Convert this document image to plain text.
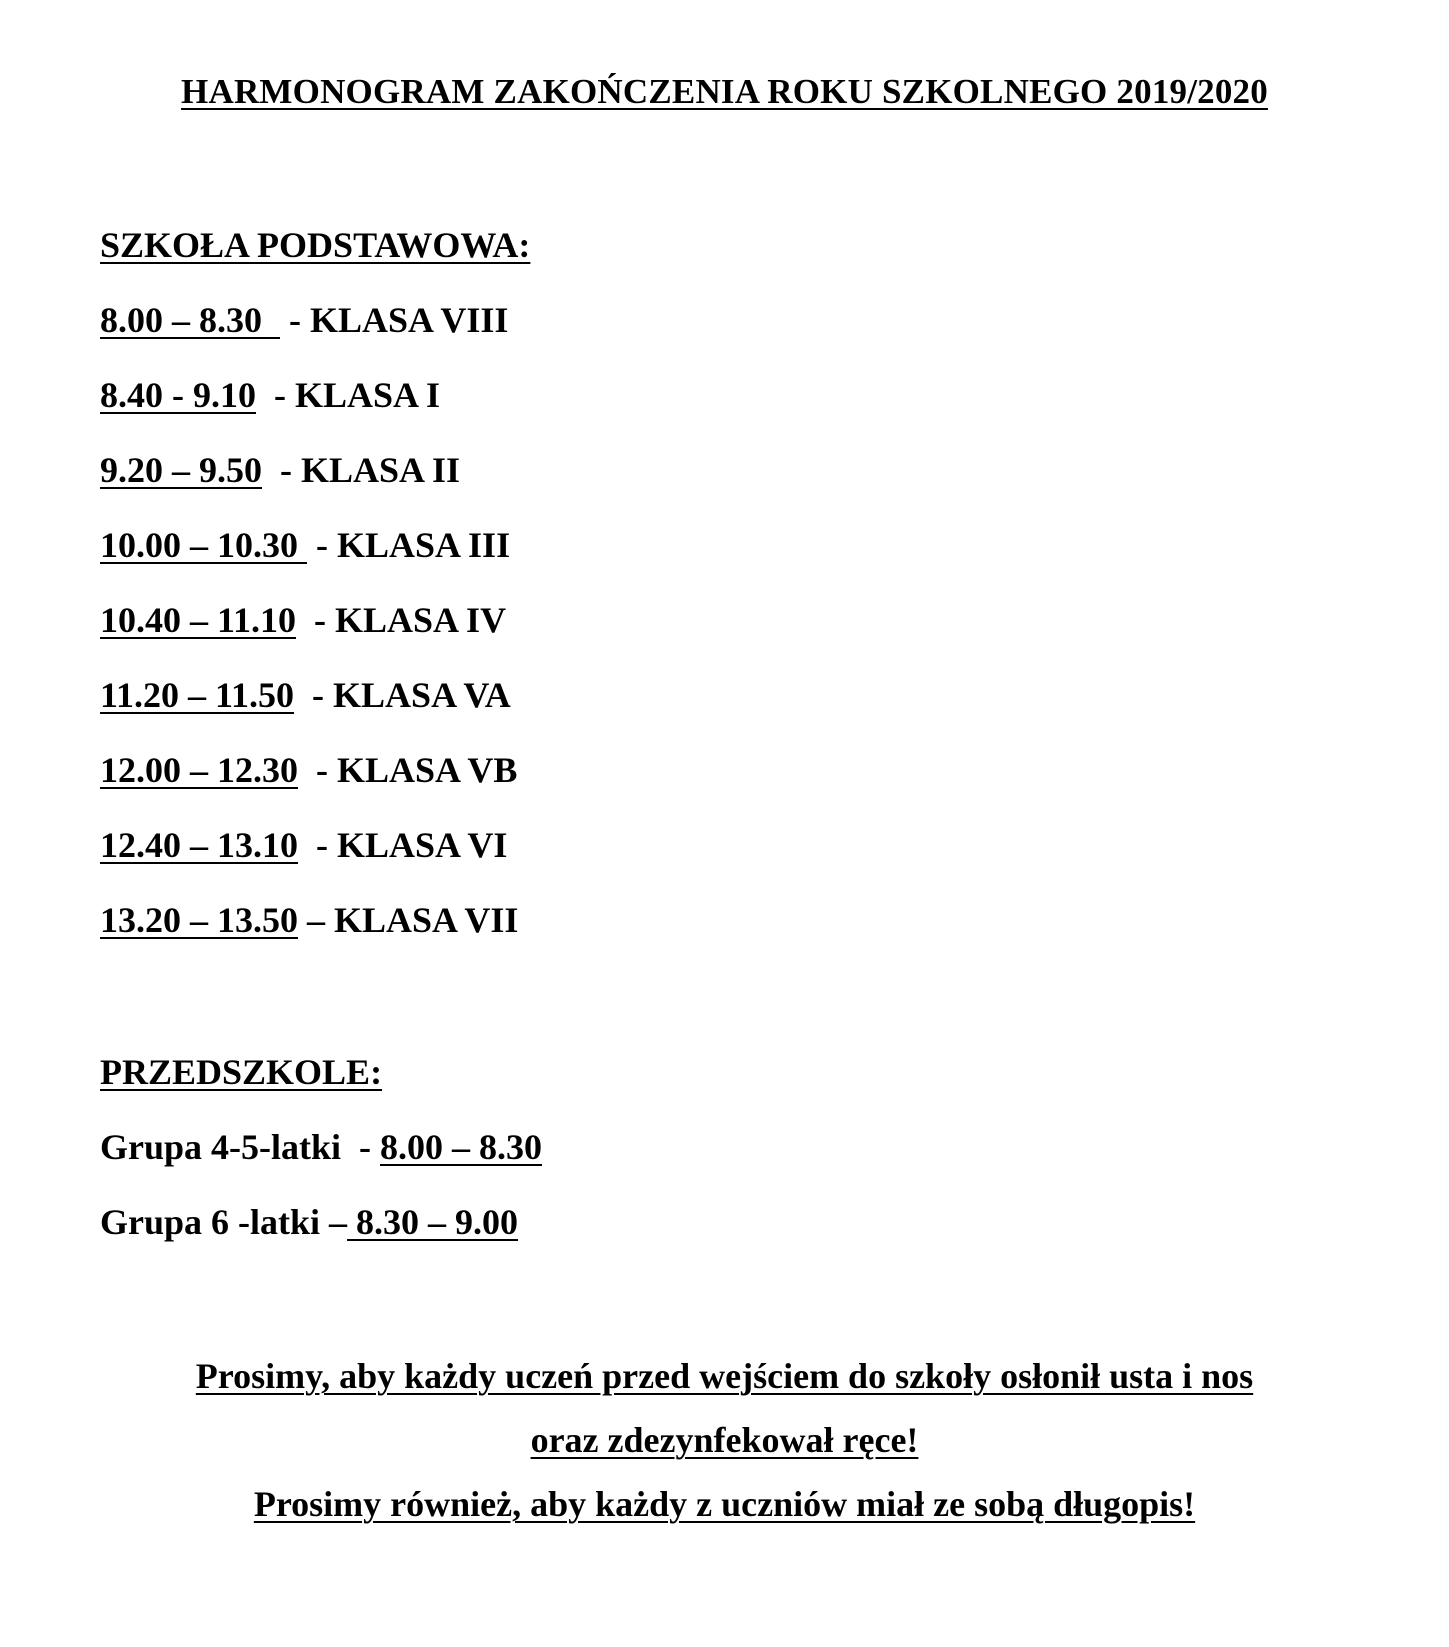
HARMONOGRAM ZAKOŃCZENIA ROKU SZKOLNEGO 2019/2020
SZKOŁA PODSTAWOWA:
8.00 – 8.30   - KLASA VIII
8.40 - 9.10  - KLASA I
9.20 – 9.50  - KLASA II
10.00 – 10.30  - KLASA III
10.40 – 11.10  - KLASA IV
11.20 – 11.50  - KLASA VA
12.00 – 12.30  - KLASA VB
12.40 – 13.10  - KLASA VI
13.20 – 13.50 – KLASA VII
PRZEDSZKOLE:
Grupa 4-5-latki  - 8.00 – 8.30
Grupa 6 -latki – 8.30 – 9.00
Prosimy, aby każdy uczeń przed wejściem do szkoły osłonił usta i nos
oraz zdezynfekował ręce!
Prosimy również, aby każdy z uczniów miał ze sobą długopis!
